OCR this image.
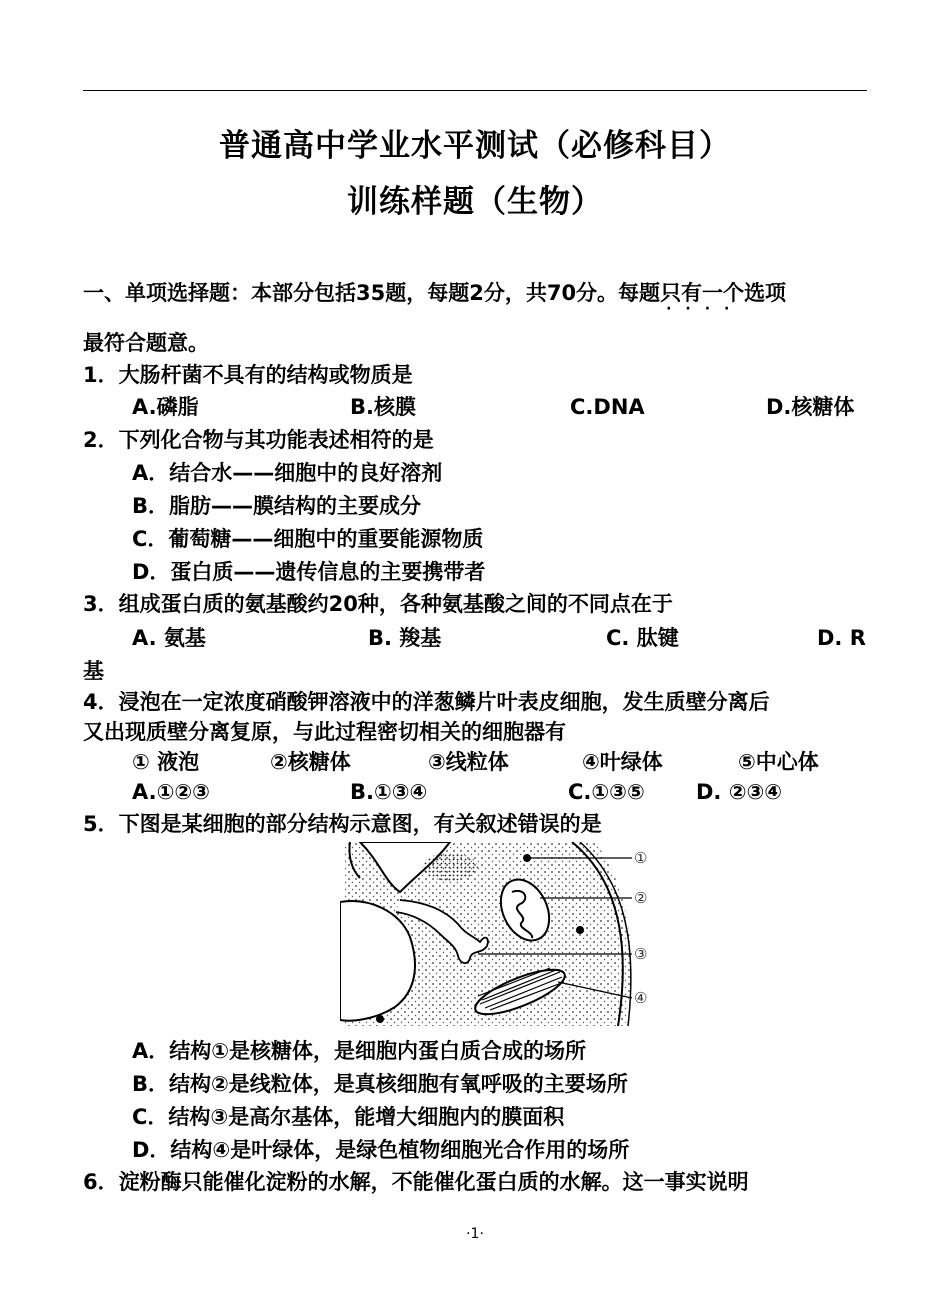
普通高中学业水平测试（必修科目）
训练样题（生物）
一、单项选择题：本部分包括35题，每题2分，共70分。每题只有一个
····
选项
最符合题意。
1．大肠杆菌不具有的结构或物质是
A.磷脂	B.核膜	C.DNA	D.核糖体
2．下列化合物与其功能表述相符的是
A．结合水——细胞中的良好溶剂
B．脂肪——膜结构的主要成分
C．葡萄糖——细胞中的重要能源物质
D．蛋白质——遗传信息的主要携带者
3．组成蛋白质的氨基酸约20种，各种氨基酸之间的不同点在于
A. 氨基	B. 羧基	C. 肽键	D. R
基
4．浸泡在一定浓度硝酸钾溶液中的洋葱鳞片叶表皮细胞，发生质壁分离后
又出现质壁分离复原，与此过程密切相关的细胞器有
① 液泡	②核糖体	③线粒体	④叶绿体	⑤中心体
A.①②③	B.①③④	C.①③⑤ D. ②③④
5．下图是某细胞的部分结构示意图，有关叙述错误的是
①
②
③
④
A．结构①是核糖体，是细胞内蛋白质合成的场所
B．结构②是线粒体，是真核细胞有氧呼吸的主要场所
C．结构③是高尔基体，能增大细胞内的膜面积
D．结构④是叶绿体，是绿色植物细胞光合作用的场所
6．淀粉酶只能催化淀粉的水解，不能催化蛋白质的水解。这一事实说明
·1·
